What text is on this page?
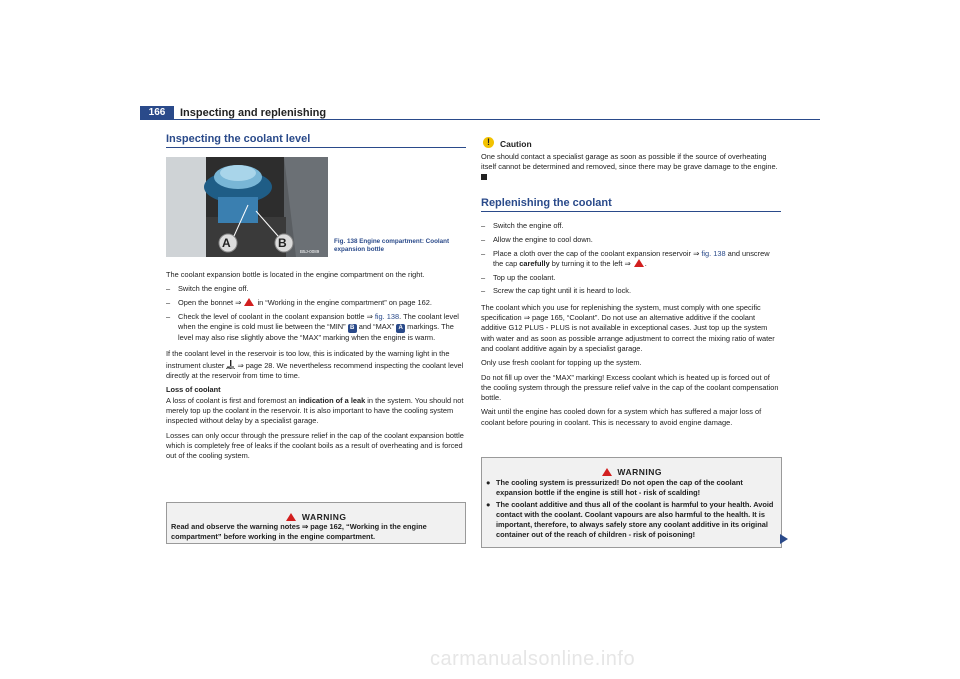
166	Inspecting and replenishing
Inspecting the coolant level
A	B
B5J-0089
Fig. 138 Engine compartment: Coolant expansion bottle

The coolant expansion bottle is located in the engine compartment on the right.

– Switch the engine off.
– Open the bonnet ⇒  in “Working in the engine compartment” on page 162.
– Check the level of coolant in the coolant expansion bottle ⇒ fig. 138. The coolant level when the engine is cold must lie between the “MIN” B and “MAX” A markings. The level may also rise slightly above the “MAX” marking when the engine is warm.

If the coolant level in the reservoir is too low, this is indicated by the warning light in the instrument cluster  ⇒ page 28. We nevertheless recommend inspecting the coolant level directly at the reservoir from time to time.

Loss of coolant

A loss of coolant is first and foremost an indication of a leak in the system. You should not merely top up the coolant in the reservoir. It is also important to have the cooling system inspected without delay by a specialist garage.

Losses can only occur through the pressure relief in the cap of the coolant expansion bottle which is completely free of leaks if the coolant boils as a result of overheating and is forced out of the cooling system.

WARNING
Read and observe the warning notes ⇒ page 162, “Working in the engine compartment” before working in the engine compartment.
!	Caution
One should contact a specialist garage as soon as possible if the source of overheating itself cannot be determined and removed, since there may be grave damage to the engine.
Replenishing the coolant
– Switch the engine off.
– Allow the engine to cool down.
– Place a cloth over the cap of the coolant expansion reservoir ⇒ fig. 138 and unscrew the cap carefully by turning it to the left ⇒ .
– Top up the coolant.
– Screw the cap tight until it is heard to lock.

The coolant which you use for replenishing the system, must comply with one specific specification ⇒ page 165, “Coolant”. Do not use an alternative additive if the coolant additive G12 PLUS - PLUS is not available in exceptional cases. Just top up the system with water and as soon as possible arrange adjustment to correct the mixing ratio of water and coolant additive again by a specialist garage.

Only use fresh coolant for topping up the system.

Do not fill up over the “MAX” marking! Excess coolant which is heated up is forced out of the cooling system through the pressure relief valve in the cap of the coolant compensation bottle.

Wait until the engine has cooled down for a system which has suffered a major loss of coolant before pouring in coolant. This is necessary to avoid engine damage.

WARNING
● The cooling system is pressurized! Do not open the cap of the coolant expansion bottle if the engine is still hot - risk of scalding!
● The coolant additive and thus all of the coolant is harmful to your health. Avoid contact with the coolant. Coolant vapours are also harmful to the health. It is important, therefore, to always safely store any coolant additive in its original container out of the reach of children - risk of poisoning!
carmanualsonline.info
